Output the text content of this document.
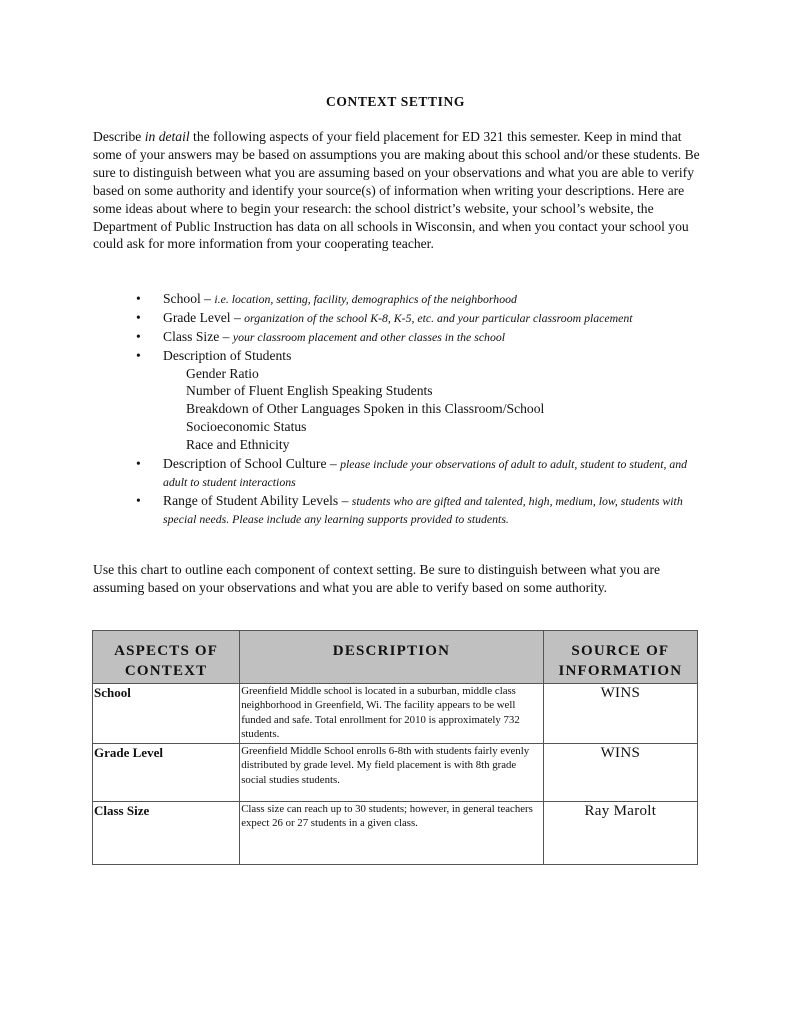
CONTEXT SETTING
Describe in detail the following aspects of your field placement for ED 321 this semester. Keep in mind that some of your answers may be based on assumptions you are making about this school and/or these students. Be sure to distinguish between what you are assuming based on your observations and what you are able to verify based on some authority and identify your source(s) of information when writing your descriptions. Here are some ideas about where to begin your research: the school district’s website, your school’s website, the Department of Public Instruction has data on all schools in Wisconsin, and when you contact your school you could ask for more information from your cooperating teacher.
• School – i.e. location, setting, facility, demographics of the neighborhood
• Grade Level – organization of the school K-8, K-5, etc. and your particular classroom placement
• Class Size – your classroom placement and other classes in the school
• Description of Students
Gender Ratio
Number of Fluent English Speaking Students
Breakdown of Other Languages Spoken in this Classroom/School
Socioeconomic Status
Race and Ethnicity
• Description of School Culture – please include your observations of adult to adult, student to student, and adult to student interactions
• Range of Student Ability Levels – students who are gifted and talented, high, medium, low, students with special needs. Please include any learning supports provided to students.
Use this chart to outline each component of context setting. Be sure to distinguish between what you are assuming based on your observations and what you are able to verify based on some authority.
ASPECTS OF CONTEXT	DESCRIPTION	SOURCE OF INFORMATION
School	Greenfield Middle school is located in a suburban, middle class neighborhood in Greenfield, Wi. The facility appears to be well funded and safe. Total enrollment for 2010 is approximately 732 students.	WINS
Grade Level	Greenfield Middle School enrolls 6-8th with students fairly evenly distributed by grade level. My field placement is with 8th grade social studies students.	WINS
Class Size	Class size can reach up to 30 students; however, in general teachers expect 26 or 27 students in a given class.	Ray Marolt
